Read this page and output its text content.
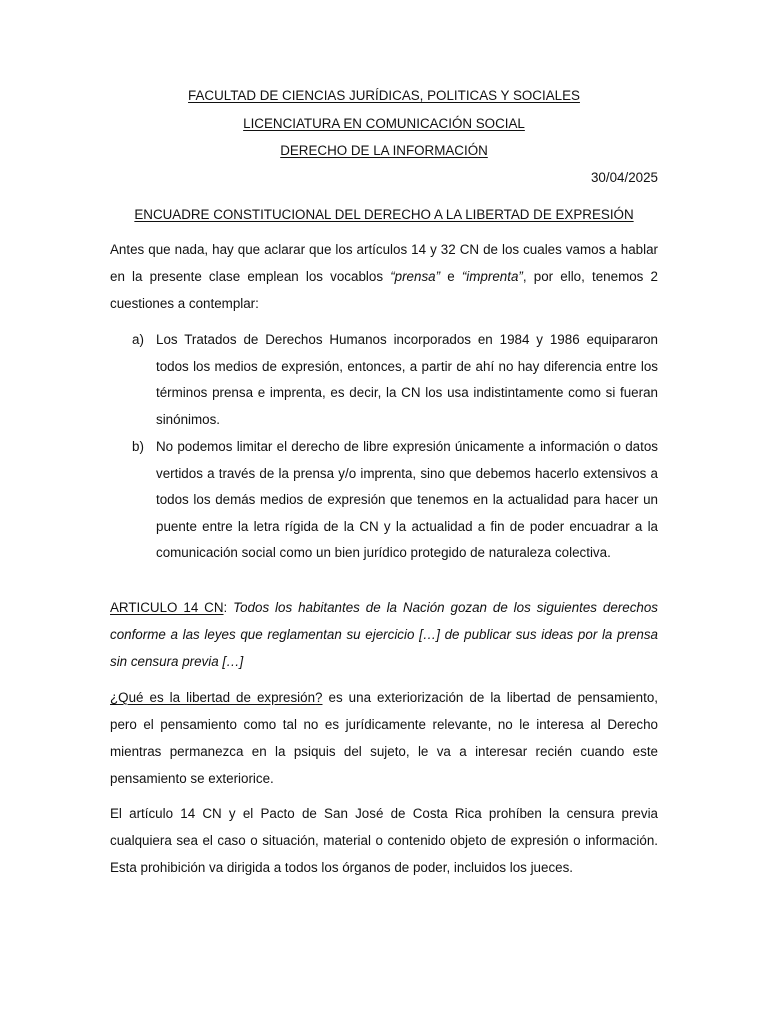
FACULTAD DE CIENCIAS JURÍDICAS, POLITICAS Y SOCIALES
LICENCIATURA EN COMUNICACIÓN SOCIAL
DERECHO DE LA INFORMACIÓN
30/04/2025
ENCUADRE CONSTITUCIONAL DEL DERECHO A LA LIBERTAD DE EXPRESIÓN

Antes que nada, hay que aclarar que los artículos 14 y 32 CN de los cuales vamos a hablar en la presente clase emplean los vocablos “prensa” e “imprenta”, por ello, tenemos 2 cuestiones a contemplar:

a) Los Tratados de Derechos Humanos incorporados en 1984 y 1986 equipararon todos los medios de expresión, entonces, a partir de ahí no hay diferencia entre los términos prensa e imprenta, es decir, la CN los usa indistintamente como si fueran sinónimos.
b) No podemos limitar el derecho de libre expresión únicamente a información o datos vertidos a través de la prensa y/o imprenta, sino que debemos hacerlo extensivos a todos los demás medios de expresión que tenemos en la actualidad para hacer un puente entre la letra rígida de la CN y la actualidad a fin de poder encuadrar a la comunicación social como un bien jurídico protegido de naturaleza colectiva.

ARTICULO 14 CN: Todos los habitantes de la Nación gozan de los siguientes derechos conforme a las leyes que reglamentan su ejercicio […] de publicar sus ideas por la prensa sin censura previa […]

¿Qué es la libertad de expresión? es una exteriorización de la libertad de pensamiento, pero el pensamiento como tal no es jurídicamente relevante, no le interesa al Derecho mientras permanezca en la psiquis del sujeto, le va a interesar recién cuando este pensamiento se exteriorice.

El artículo 14 CN y el Pacto de San José de Costa Rica prohíben la censura previa cualquiera sea el caso o situación, material o contenido objeto de expresión o información. Esta prohibición va dirigida a todos los órganos de poder, incluidos los jueces.
